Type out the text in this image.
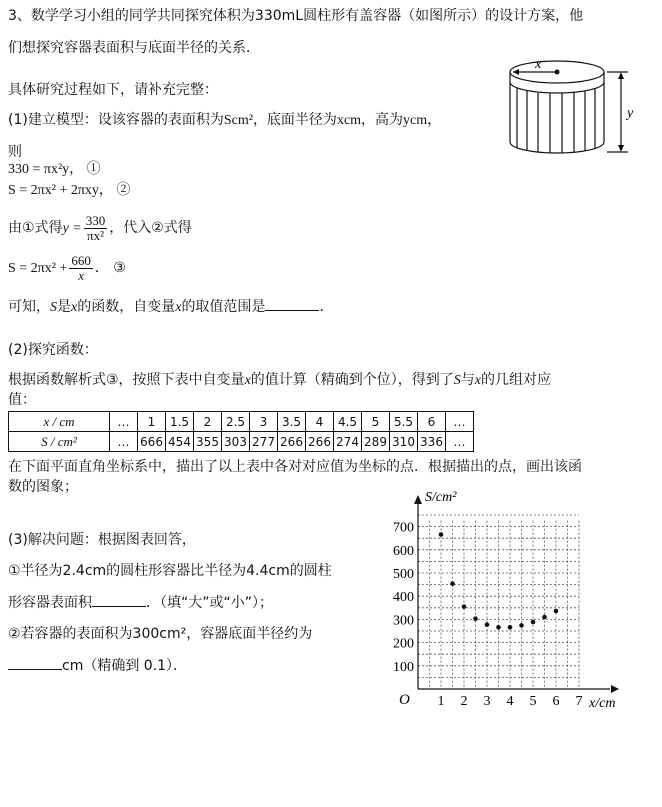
3、数学学习小组的同学共同探究体积为330mL圆柱形有盖容器（如图所示）的设计方案，他
们想探究容器表面积与底面半径的关系．
具体研究过程如下，请补充完整：
(1)建立模型：设该容器的表面积为Scm²，底面半径为xcm，高为ycm，
则
330 = πx²y， ①
S = 2πx² + 2πxy， ②
由①式得$y = \frac{330}{\text{πx²}}$ ，代入②式得
$S = 2\pi x^2 + \frac{660}{x}$ ． ③
可知，S是x的函数，自变量x的取值范围是	．
(2)探究函数：
根据函数解析式③，按照下表中自变量x的值计算（精确到个位），得到了S与x的几组对应
值：
x / cm	…	1	1.5	2	2.5	3	3.5	4	4.5	5	5.5	6	…
S / cm²	…	666	454	355	303	277	266	266	274	289	310	336	…
在下面平面直角坐标系中，描出了以上表中各对对应值为坐标的点．根据描出的点，画出该函
数的图象；
(3)解决问题：根据图表回答，
①半径为2.4cm的圆柱形容器比半径为4.4cm的圆柱
形容器表面积	．（填“大”或“小”）；
②若容器的表面积为300cm²，容器底面半径约为
cm（精确到 0.1）．
x
y
1 2 3 4 5 6 7
100
200
300
400
500
600
700
O
S/cm²
x/cm
